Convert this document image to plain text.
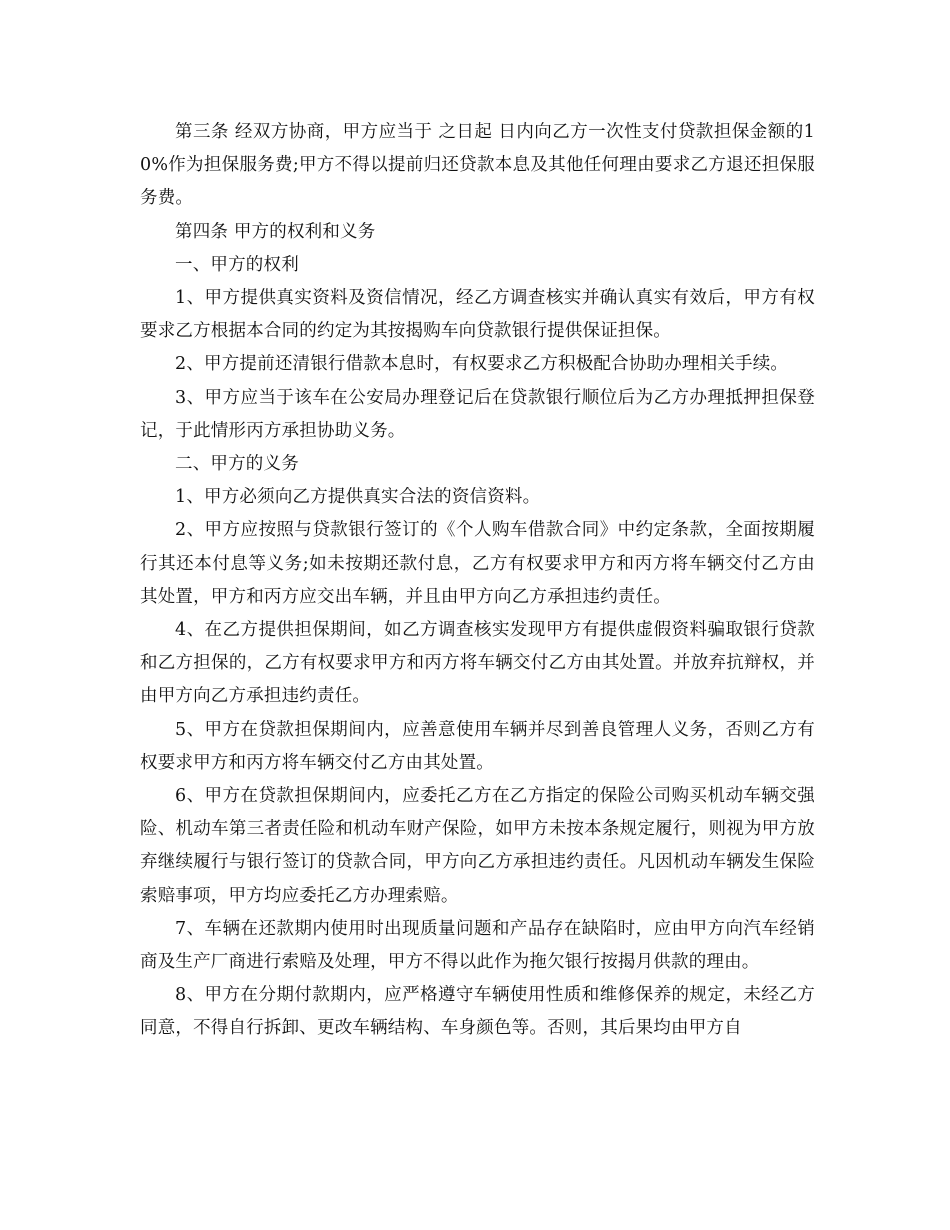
第三条 经双方协商，甲方应当于 之日起 日内向乙方一次性支付贷款担保金额的10%作为担保服务费;甲方不得以提前归还贷款本息及其他任何理由要求乙方退还担保服务费。

第四条 甲方的权利和义务

一、甲方的权利

1、甲方提供真实资料及资信情况，经乙方调查核实并确认真实有效后，甲方有权要求乙方根据本合同的约定为其按揭购车向贷款银行提供保证担保。

2、甲方提前还清银行借款本息时，有权要求乙方积极配合协助办理相关手续。

3、甲方应当于该车在公安局办理登记后在贷款银行顺位后为乙方办理抵押担保登记，于此情形丙方承担协助义务。

二、甲方的义务

1、甲方必须向乙方提供真实合法的资信资料。

2、甲方应按照与贷款银行签订的《个人购车借款合同》中约定条款，全面按期履行其还本付息等义务;如未按期还款付息，乙方有权要求甲方和丙方将车辆交付乙方由其处置，甲方和丙方应交出车辆，并且由甲方向乙方承担违约责任。

4、在乙方提供担保期间，如乙方调查核实发现甲方有提供虚假资料骗取银行贷款和乙方担保的，乙方有权要求甲方和丙方将车辆交付乙方由其处置。并放弃抗辩权，并由甲方向乙方承担违约责任。

5、甲方在贷款担保期间内，应善意使用车辆并尽到善良管理人义务，否则乙方有权要求甲方和丙方将车辆交付乙方由其处置。

6、甲方在贷款担保期间内，应委托乙方在乙方指定的保险公司购买机动车辆交强险、机动车第三者责任险和机动车财产保险，如甲方未按本条规定履行，则视为甲方放弃继续履行与银行签订的贷款合同，甲方向乙方承担违约责任。凡因机动车辆发生保险索赔事项，甲方均应委托乙方办理索赔。

7、车辆在还款期内使用时出现质量问题和产品存在缺陷时，应由甲方向汽车经销商及生产厂商进行索赔及处理，甲方不得以此作为拖欠银行按揭月供款的理由。

8、甲方在分期付款期内，应严格遵守车辆使用性质和维修保养的规定，未经乙方同意，不得自行拆卸、更改车辆结构、车身颜色等。否则，其后果均由甲方自
